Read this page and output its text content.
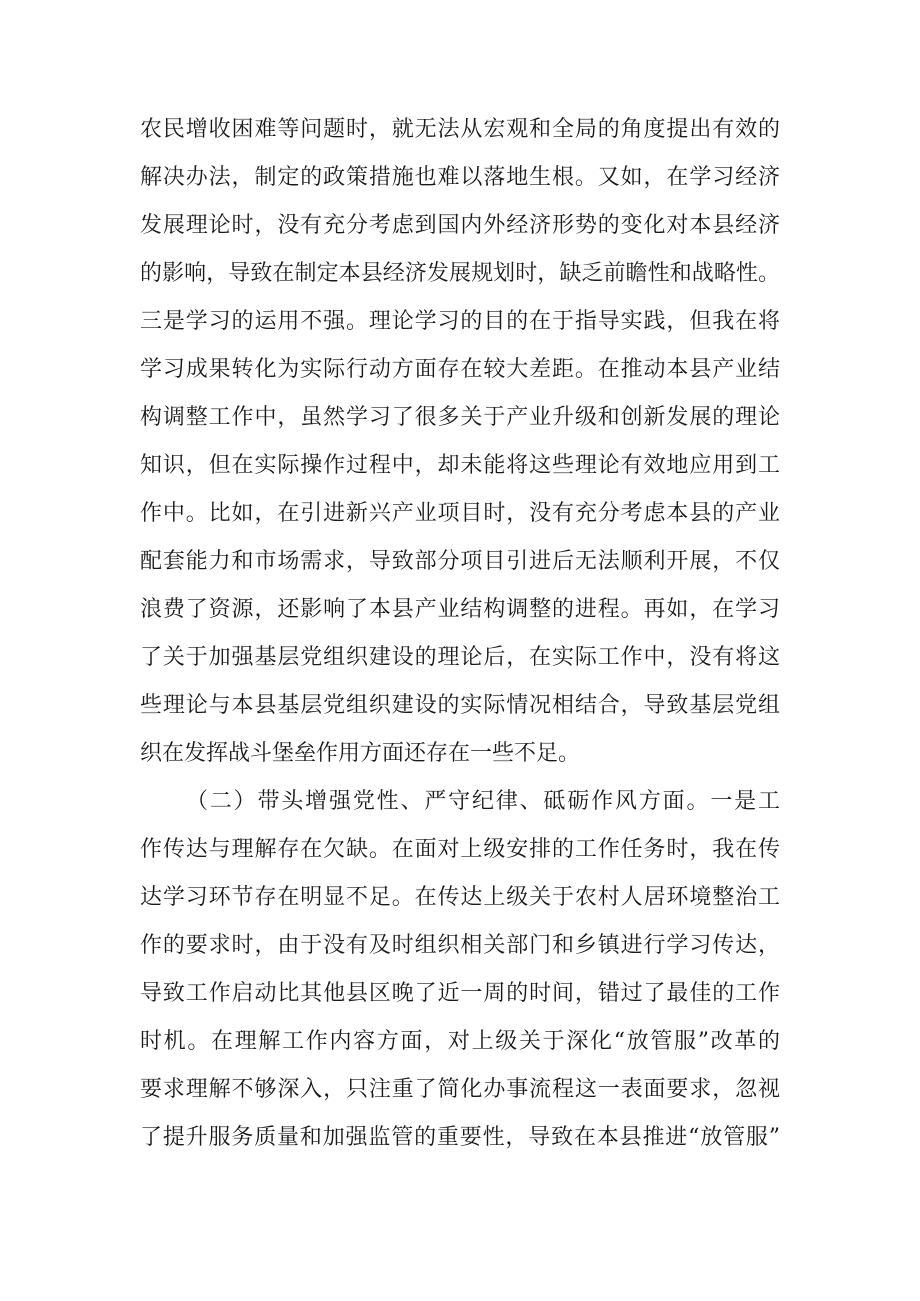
农民增收困难等问题时，就无法从宏观和全局的角度提出有效的
解决办法，制定的政策措施也难以落地生根。又如，在学习经济
发展理论时，没有充分考虑到国内外经济形势的变化对本县经济
的影响，导致在制定本县经济发展规划时，缺乏前瞻性和战略性。
三是学习的运用不强。理论学习的目的在于指导实践，但我在将
学习成果转化为实际行动方面存在较大差距。在推动本县产业结
构调整工作中，虽然学习了很多关于产业升级和创新发展的理论
知识，但在实际操作过程中，却未能将这些理论有效地应用到工
作中。比如，在引进新兴产业项目时，没有充分考虑本县的产业
配套能力和市场需求，导致部分项目引进后无法顺利开展，不仅
浪费了资源，还影响了本县产业结构调整的进程。再如，在学习
了关于加强基层党组织建设的理论后，在实际工作中，没有将这
些理论与本县基层党组织建设的实际情况相结合，导致基层党组
织在发挥战斗堡垒作用方面还存在一些不足。
（二）带头增强党性、严守纪律、砥砺作风方面。一是工
作传达与理解存在欠缺。在面对上级安排的工作任务时，我在传
达学习环节存在明显不足。在传达上级关于农村人居环境整治工
作的要求时，由于没有及时组织相关部门和乡镇进行学习传达，
导致工作启动比其他县区晚了近一周的时间，错过了最佳的工作
时机。在理解工作内容方面，对上级关于深化“放管服”改革的
要求理解不够深入，只注重了简化办事流程这一表面要求，忽视
了提升服务质量和加强监管的重要性，导致在本县推进“放管服”
